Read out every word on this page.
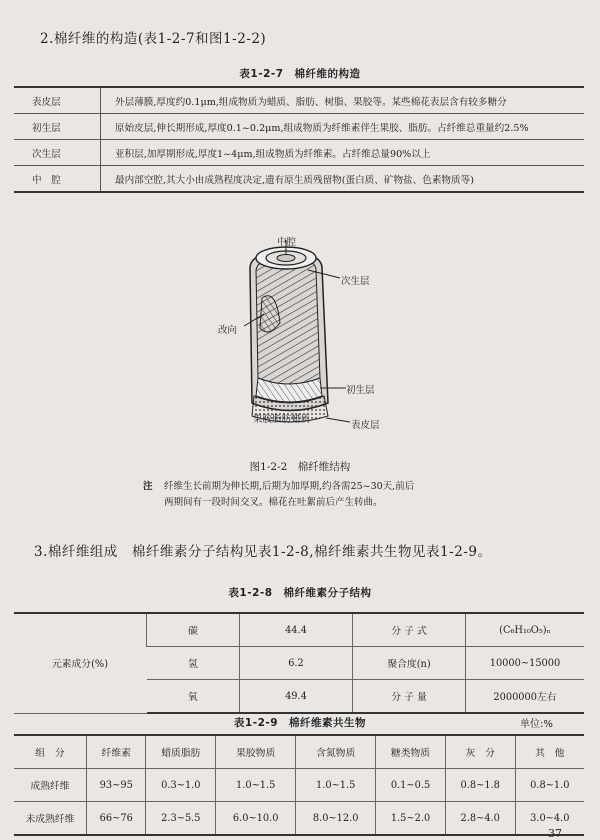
2.棉纤维的构造(表1-2-7和图1-2-2)
表1-2-7　棉纤维的构造
表皮层	外层薄膜,厚度约0.1μm,组成物质为蜡质、脂肪、树脂、果胶等。某些棉花表层含有较多糖分
初生层	原始皮层,伸长期形成,厚度0.1~0.2μm,组成物质为纤维素伴生果胶、脂肪。占纤维总重量约2.5%
次生层	亚积层,加厚期形成,厚度1~4μm,组成物质为纤维素。占纤维总量90%以上
中　腔	最内部空腔,其大小由成熟程度决定,遗有原生质残留物(蛋白质、矿物盐、色素物质等)
中腔
次生层
改向
初生层
果胶脂肪蜡质
表皮层
图1-2-2　棉纤维结构
注 纤维生长前期为伸长期,后期为加厚期,约各需25~30天,前后
两期间有一段时间交叉。棉花在吐絮前后产生转曲。
3.棉纤维组成　棉纤维素分子结构见表1-2-8,棉纤维素共生物见表1-2-9。
表1-2-8　棉纤维素分子结构
元素成分(%)	碳	44.4	分 子 式	(C₆H₁₀O₅)ₙ
	氢	6.2	聚合度(n)	10000~15000
	氧	49.4	分 子 量	2000000左右
表1-2-9　棉纤维素共生物	单位:%
组　分	纤维素	蜡质脂肪	果胶物质	含氮物质	糖类物质	灰　分	其　他
成熟纤维	93~95	0.3~1.0	1.0~1.5	1.0~1.5	0.1~0.5	0.8~1.8	0.8~1.0
未成熟纤维	66~76	2.3~5.5	6.0~10.0	8.0~12.0	1.5~2.0	2.8~4.0	3.0~4.0
37
